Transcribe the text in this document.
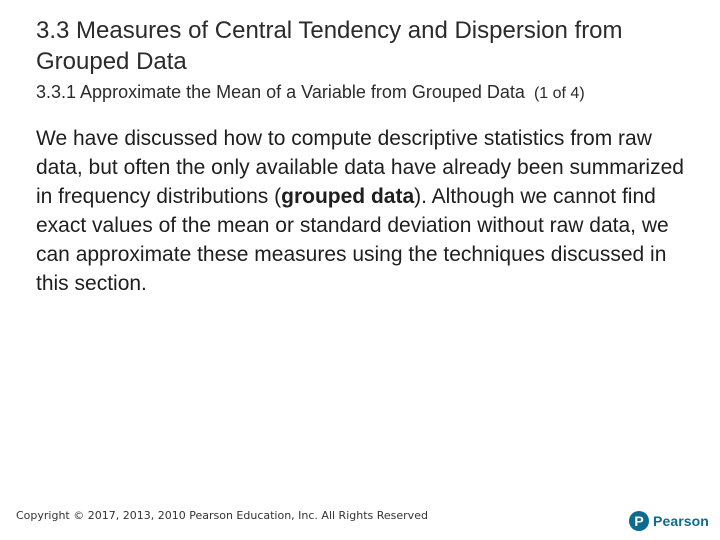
3.3 Measures of Central Tendency and Dispersion from Grouped Data
3.3.1 Approximate the Mean of a Variable from Grouped Data (1 of 4)

We have discussed how to compute descriptive statistics from raw data, but often the only available data have already been summarized in frequency distributions (grouped data). Although we cannot find exact values of the mean or standard deviation without raw data, we can approximate these measures using the techniques discussed in this section.

Copyright © 2017, 2013, 2010 Pearson Education, Inc. All Rights Reserved	P Pearson
